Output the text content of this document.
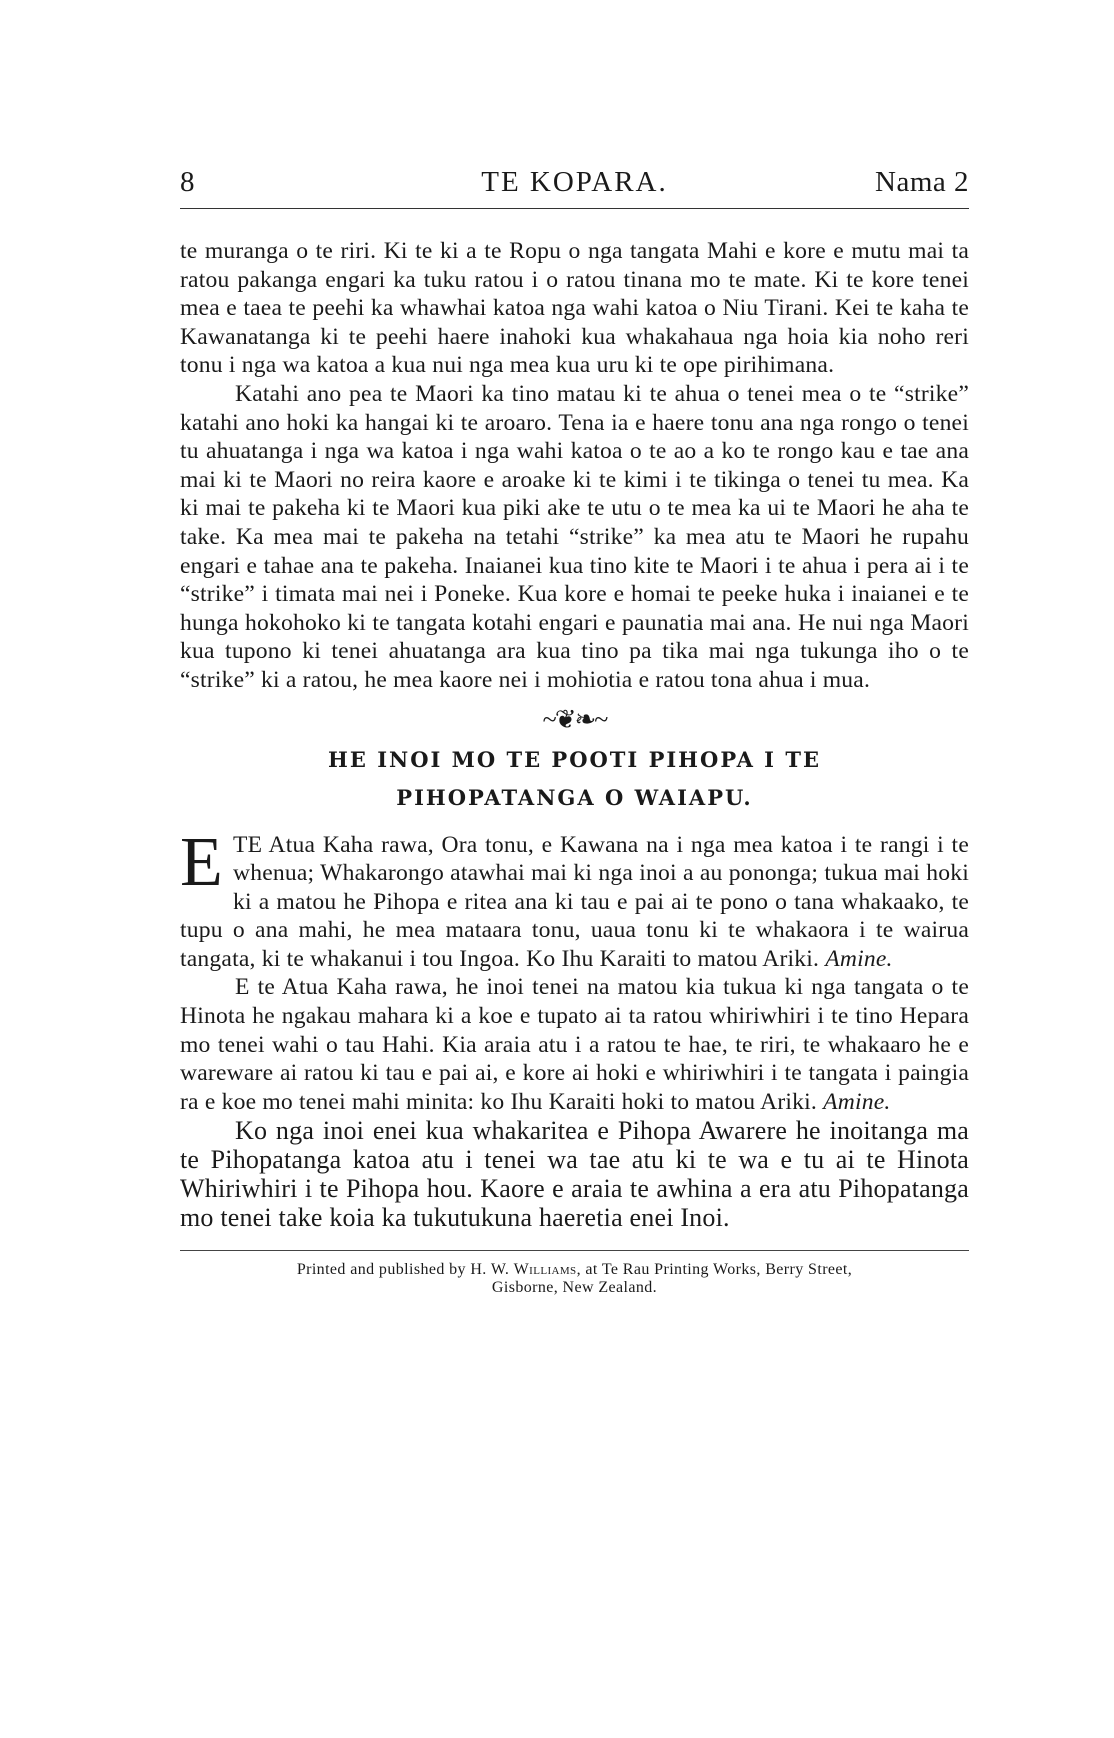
8	TE KOPARA.	Nama 2

te muranga o te riri. Ki te ki a te Ropu o nga tangata Mahi e kore e mutu mai ta ratou pakanga engari ka tuku ratou i o ratou tinana mo te mate. Ki te kore tenei mea e taea te peehi ka whawhai katoa nga wahi katoa o Niu Tirani. Kei te kaha te Kawanatanga ki te peehi haere inahoki kua whakahaua nga hoia kia noho reri tonu i nga wa katoa a kua nui nga mea kua uru ki te ope pirihimana.

Katahi ano pea te Maori ka tino matau ki te ahua o tenei mea o te “strike” katahi ano hoki ka hangai ki te aroaro. Tena ia e haere tonu ana nga rongo o tenei tu ahuatanga i nga wa katoa i nga wahi katoa o te ao a ko te rongo kau e tae ana mai ki te Maori no reira kaore e aroake ki te kimi i te tikinga o tenei tu mea. Ka ki mai te pakeha ki te Maori kua piki ake te utu o te mea ka ui te Maori he aha te take. Ka mea mai te pakeha na tetahi “strike” ka mea atu te Maori he rupahu engari e tahae ana te pakeha. Inaianei kua tino kite te Maori i te ahua i pera ai i te “strike” i timata mai nei i Poneke. Kua kore e homai te peeke huka i inaianei e te hunga hokohoko ki te tangata kotahi engari e paunatia mai ana. He nui nga Maori kua tupono ki tenei ahuatanga ara kua tino pa tika mai nga tukunga iho o te “strike” ki a ratou, he mea kaore nei i mohiotia e ratou tona ahua i mua.

~❦❧~
HE INOI MO TE POOTI PIHOPA I TE
PIHOPATANGA O WAIAPU.

E TE Atua Kaha rawa, Ora tonu, e Kawana na i nga mea katoa i te rangi i te whenua; Whakarongo atawhai mai ki nga inoi a au pononga; tukua mai hoki ki a matou he Pihopa e ritea ana ki tau e pai ai te pono o tana whakaako, te tupu o ana mahi, he mea mataara tonu, uaua tonu ki te whakaora i te wairua tangata, ki te whakanui i tou Ingoa. Ko Ihu Karaiti to matou Ariki. Amine.

E te Atua Kaha rawa, he inoi tenei na matou kia tukua ki nga tangata o te Hinota he ngakau mahara ki a koe e tupato ai ta ratou whiriwhiri i te tino Hepara mo tenei wahi o tau Hahi. Kia araia atu i a ratou te hae, te riri, te whakaaro he e wareware ai ratou ki tau e pai ai, e kore ai hoki e whiriwhiri i te tangata i paingia ra e koe mo tenei mahi minita: ko Ihu Karaiti hoki to matou Ariki. Amine.

Ko nga inoi enei kua whakaritea e Pihopa Awarere he inoitanga ma te Pihopatanga katoa atu i tenei wa tae atu ki te wa e tu ai te Hinota Whiriwhiri i te Pihopa hou. Kaore e araia te awhina a era atu Pihopatanga mo tenei take koia ka tukutukuna haeretia enei Inoi.

Printed and published by H. W. Williams, at Te Rau Printing Works, Berry Street,
Gisborne, New Zealand.
